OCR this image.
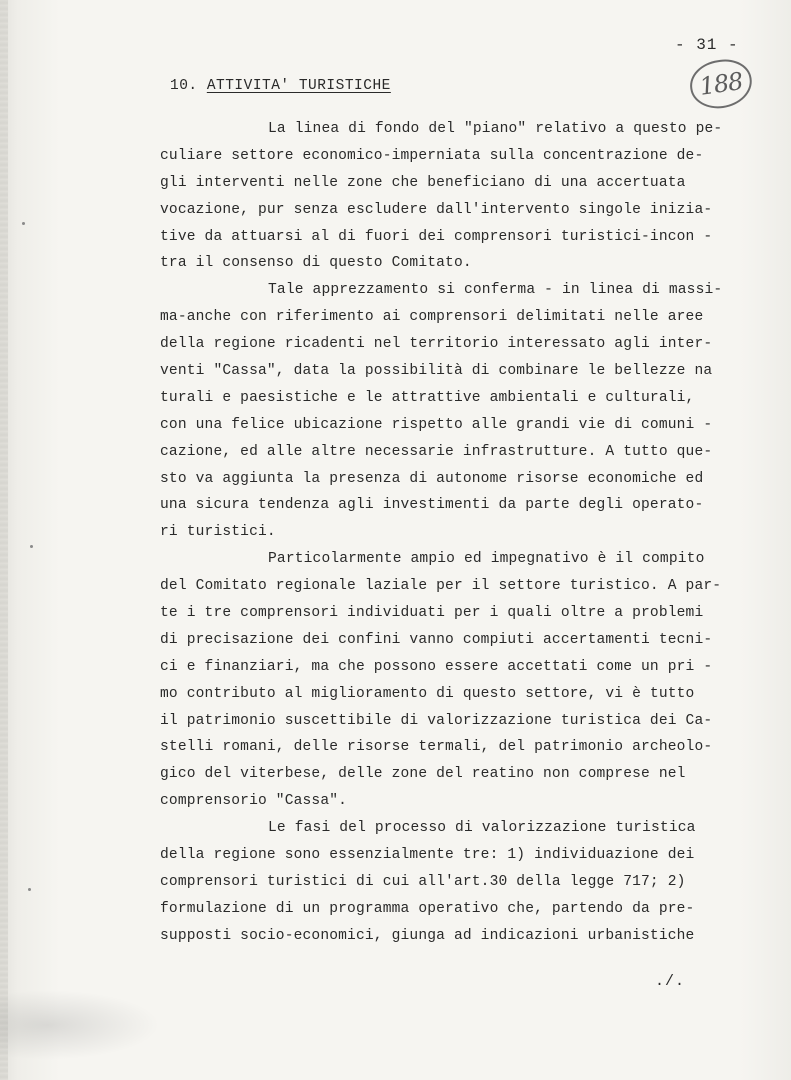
- 31 -
188
10. ATTIVITA' TURISTICHE
La linea di fondo del "piano" relativo a questo pe-
culiare settore economico-imperniata sulla concentrazione de-
gli interventi nelle zone che beneficiano di una accertuata
vocazione, pur senza escludere dall'intervento singole inizia-
tive da attuarsi al di fuori dei comprensori turistici-incon -
tra il consenso di questo Comitato.
Tale apprezzamento si conferma - in linea di massi-
ma-anche con riferimento ai comprensori delimitati nelle aree
della regione ricadenti nel territorio interessato agli inter-
venti "Cassa", data la possibilità di combinare le bellezze na
turali e paesistiche e le attrattive ambientali e culturali,
con una felice ubicazione rispetto alle grandi vie di comuni -
cazione, ed alle altre necessarie infrastrutture. A tutto que-
sto va aggiunta la presenza di autonome risorse economiche ed
una sicura tendenza agli investimenti da parte degli operato-
ri turistici.
Particolarmente ampio ed impegnativo è il compito
del Comitato regionale laziale per il settore turistico. A par-
te i tre comprensori individuati per i quali oltre a problemi
di precisazione dei confini vanno compiuti accertamenti tecni-
ci e finanziari, ma che possono essere accettati come un pri -
mo contributo al miglioramento di questo settore, vi è tutto
il patrimonio suscettibile di valorizzazione turistica dei Ca-
stelli romani, delle risorse termali, del patrimonio archeolo-
gico del viterbese, delle zone del reatino non comprese nel
comprensorio "Cassa".
Le fasi del processo di valorizzazione turistica
della regione sono essenzialmente tre: 1) individuazione dei
comprensori turistici di cui all'art.30 della legge 717; 2)
formulazione di un programma operativo che, partendo da pre-
supposti socio-economici, giunga ad indicazioni urbanistiche
./.
